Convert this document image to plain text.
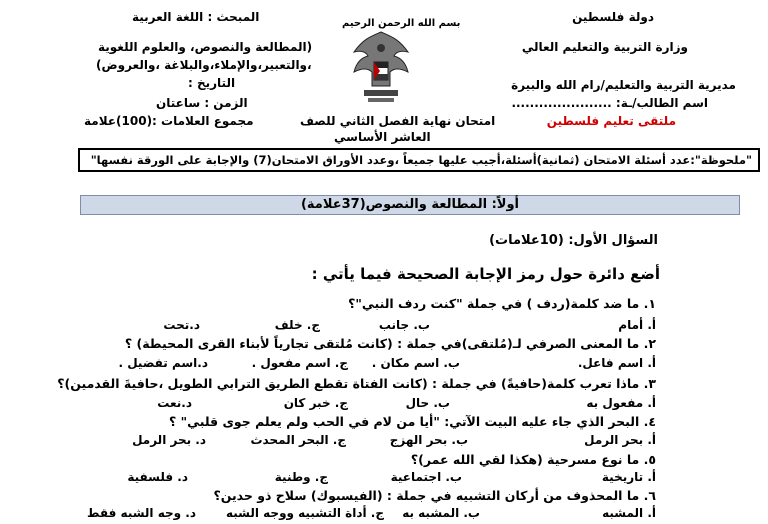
دولة فلسطين
وزارة التربية والتعليم العالي
مديرية التربية والتعليم/رام الله والبيرة
اسم الطالب/ـة: ......................
ملتقى تعليم فلسطين
بسم الله الرحمن الرحيم
امتحان نهاية الفصل الثاني للصف
العاشر الأساسي
المبحث : اللغة العربية
(المطالعة والنصوص، والعلوم اللغوية
،والتعبير،والإملاء،والبلاغة ،والعروض)
التاريخ :
الزمن : ساعتان
مجموع العلامات :(100)علامة
"ملحوظة":عدد أسئلة الامتحان (ثمانية)أسئلة،أجيب عليها جميعاً ،وعدد الأوراق الامتحان(7) والإجابة على الورقة نفسها"
أولاً: المطالعة والنصوص(37علامة)
السؤال الأول: (10علامات)
أضع دائرة حول رمز الإجابة الصحيحة فيما يأتي :
١. ما ضد كلمة(ردف ) في جملة "كنت ردف النبي"؟
أ. أمام
ب. جانب
ج. خلف
د.تحت
٢. ما المعنى الصرفي لـ(مُلتقى)في جملة : (كانت مُلتقى تجارياً لأبناء القرى المحيطة) ؟
أ. اسم فاعل.
ب. اسم مكان .
ج. اسم مفعول .
د.اسم تفضيل .
٣. ماذا تعرب كلمة(حافيةً) في جملة : (كانت الفتاة تقطع الطريق الترابي الطويل ،حافيةَ القدمين)؟
أ. مفعول به
ب. حال
ج. خبر كان
د.نعت
٤. البحر الذي جاء عليه البيت الآتي: "أيا من لام في الحب ولم يعلم جوى قلبي" ؟
أ. بحر الرمل
ب. بحر الهزج
ج. البحر المحدث
د. بحر الرمل
٥. ما نوع مسرحية (هكذا لقي الله عمر)؟
أ. تاريخية
ب. اجتماعية
ج. وطنية
د. فلسفية
٦. ما المحذوف من أركان التشبيه في جملة : (الفيسبوك) سلاح ذو حدين؟
أ. المشبه
ب. المشبه به
ج. أداة التشبيه ووجه الشبه
د. وجه الشبه فقط
